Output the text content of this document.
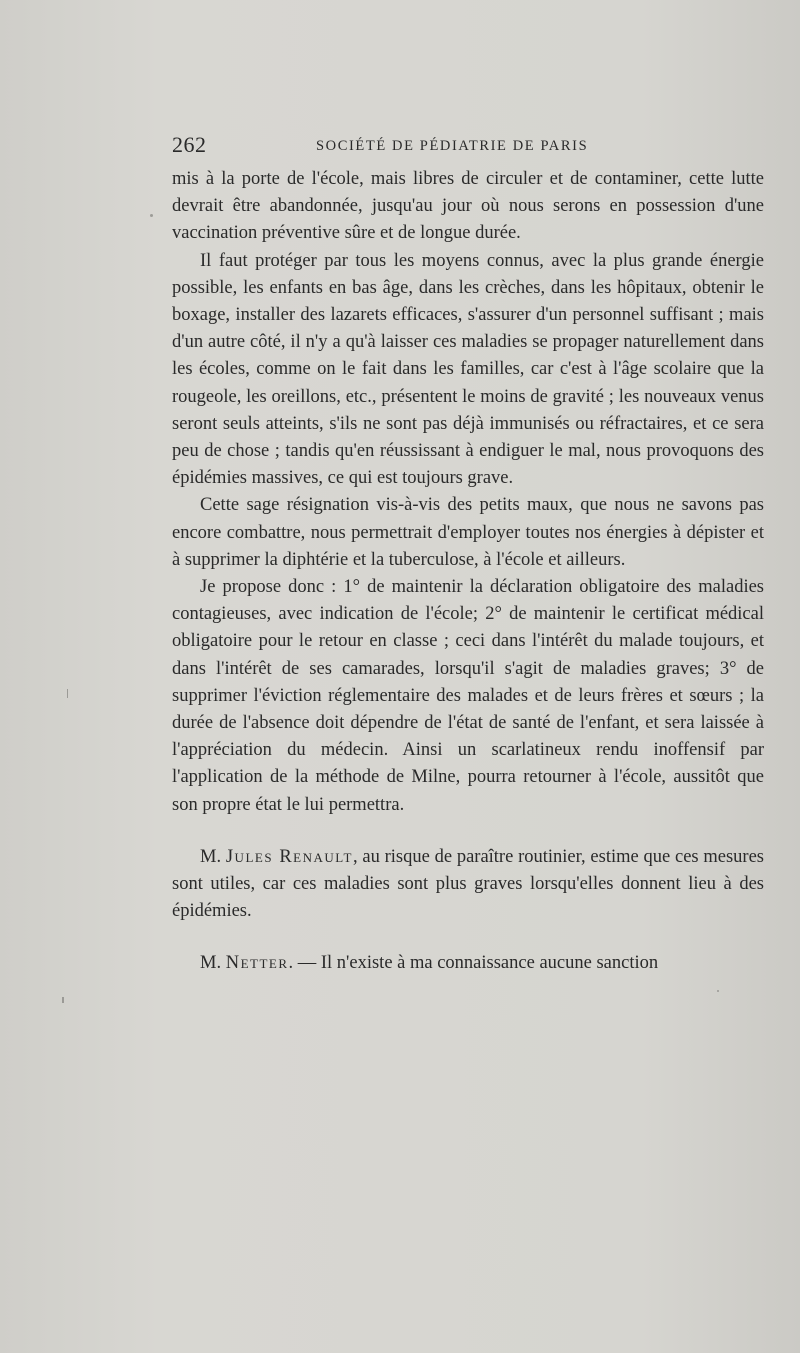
262	SOCIÉTÉ DE PÉDIATRIE DE PARIS

mis à la porte de l'école, mais libres de circuler et de contaminer, cette lutte devrait être abandonnée, jusqu'au jour où nous serons en possession d'une vaccination préventive sûre et de longue durée.

Il faut protéger par tous les moyens connus, avec la plus grande énergie possible, les enfants en bas âge, dans les crèches, dans les hôpitaux, obtenir le boxage, installer des lazarets efficaces, s'assurer d'un personnel suffisant ; mais d'un autre côté, il n'y a qu'à laisser ces maladies se propager naturellement dans les écoles, comme on le fait dans les familles, car c'est à l'âge scolaire que la rougeole, les oreillons, etc., présentent le moins de gravité ; les nouveaux venus seront seuls atteints, s'ils ne sont pas déjà immunisés ou réfractaires, et ce sera peu de chose ; tandis qu'en réussissant à endiguer le mal, nous provoquons des épidémies massives, ce qui est toujours grave.

Cette sage résignation vis-à-vis des petits maux, que nous ne savons pas encore combattre, nous permettrait d'employer toutes nos énergies à dépister et à supprimer la diphtérie et la tuberculose, à l'école et ailleurs.

Je propose donc : 1° de maintenir la déclaration obligatoire des maladies contagieuses, avec indication de l'école; 2° de maintenir le certificat médical obligatoire pour le retour en classe ; ceci dans l'intérêt du malade toujours, et dans l'intérêt de ses camarades, lorsqu'il s'agit de maladies graves; 3° de supprimer l'éviction réglementaire des malades et de leurs frères et sœurs ; la durée de l'absence doit dépendre de l'état de santé de l'enfant, et sera laissée à l'appréciation du médecin. Ainsi un scarlatineux rendu inoffensif par l'application de la méthode de Milne, pourra retourner à l'école, aussitôt que son propre état le lui permettra.

M. Jules Renault, au risque de paraître routinier, estime que ces mesures sont utiles, car ces maladies sont plus graves lorsqu'elles donnent lieu à des épidémies.

M. Netter. — Il n'existe à ma connaissance aucune sanction
